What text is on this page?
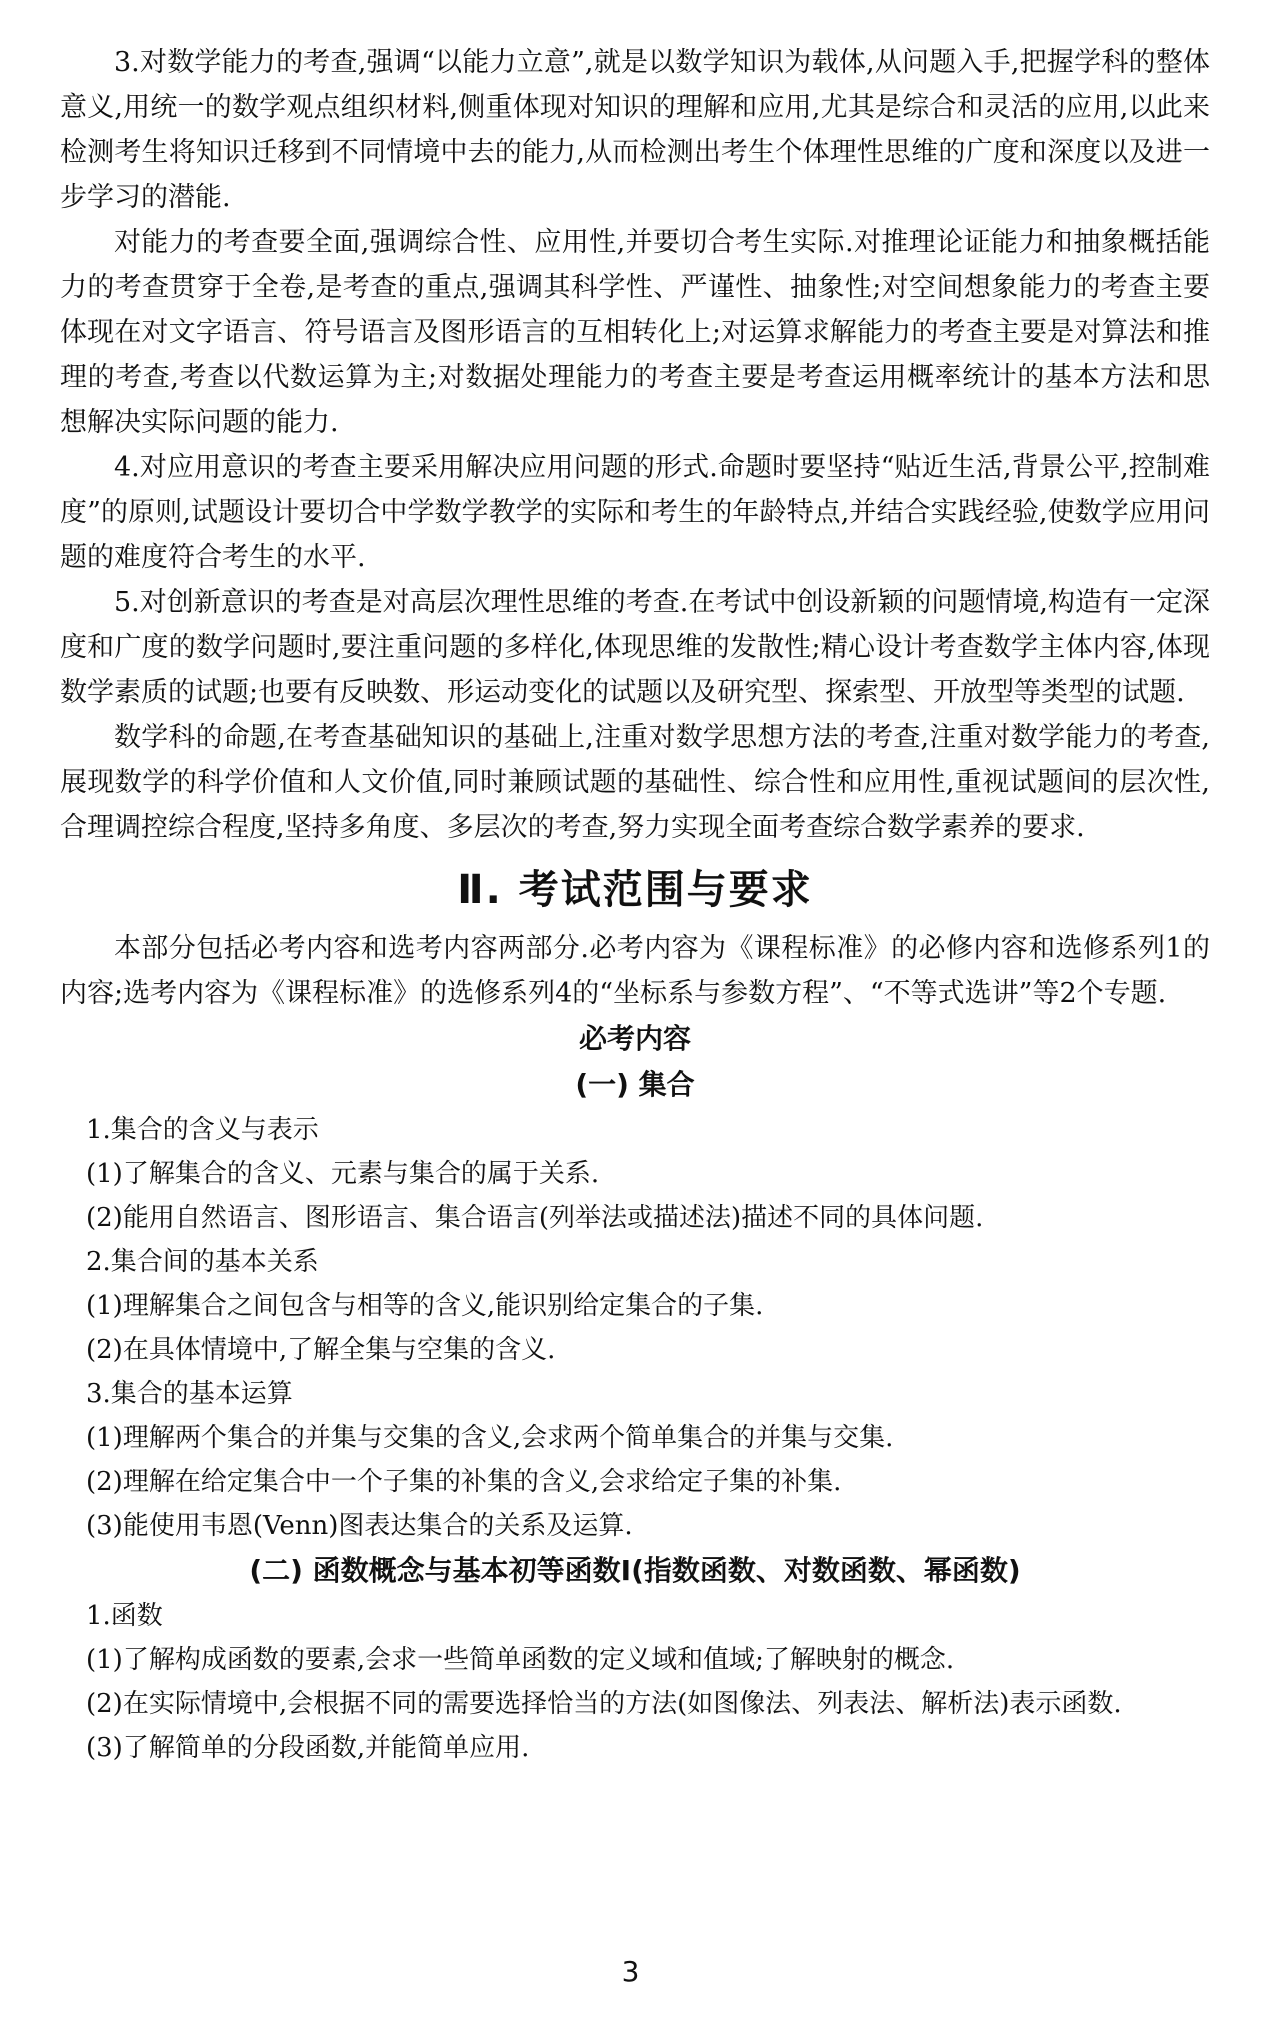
3.对数学能力的考查,强调“以能力立意”,就是以数学知识为载体,从问题入手,把握学科的整体意义,用统一的数学观点组织材料,侧重体现对知识的理解和应用,尤其是综合和灵活的应用,以此来检测考生将知识迁移到不同情境中去的能力,从而检测出考生个体理性思维的广度和深度以及进一步学习的潜能.

对能力的考查要全面,强调综合性、应用性,并要切合考生实际.对推理论证能力和抽象概括能力的考查贯穿于全卷,是考查的重点,强调其科学性、严谨性、抽象性;对空间想象能力的考查主要体现在对文字语言、符号语言及图形语言的互相转化上;对运算求解能力的考查主要是对算法和推理的考查,考查以代数运算为主;对数据处理能力的考查主要是考查运用概率统计的基本方法和思想解决实际问题的能力.

4.对应用意识的考查主要采用解决应用问题的形式.命题时要坚持“贴近生活,背景公平,控制难度”的原则,试题设计要切合中学数学教学的实际和考生的年龄特点,并结合实践经验,使数学应用问题的难度符合考生的水平.

5.对创新意识的考查是对高层次理性思维的考查.在考试中创设新颖的问题情境,构造有一定深度和广度的数学问题时,要注重问题的多样化,体现思维的发散性;精心设计考查数学主体内容,体现数学素质的试题;也要有反映数、形运动变化的试题以及研究型、探索型、开放型等类型的试题.

数学科的命题,在考查基础知识的基础上,注重对数学思想方法的考查,注重对数学能力的考查,展现数学的科学价值和人文价值,同时兼顾试题的基础性、综合性和应用性,重视试题间的层次性,合理调控综合程度,坚持多角度、多层次的考查,努力实现全面考查综合数学素养的要求.

Ⅱ. 考试范围与要求

本部分包括必考内容和选考内容两部分.必考内容为《课程标准》的必修内容和选修系列1的内容;选考内容为《课程标准》的选修系列4的“坐标系与参数方程”、“不等式选讲”等2个专题.

必考内容
(一) 集合

1.集合的含义与表示

(1)了解集合的含义、元素与集合的属于关系.

(2)能用自然语言、图形语言、集合语言(列举法或描述法)描述不同的具体问题.

2.集合间的基本关系

(1)理解集合之间包含与相等的含义,能识别给定集合的子集.

(2)在具体情境中,了解全集与空集的含义.

3.集合的基本运算

(1)理解两个集合的并集与交集的含义,会求两个简单集合的并集与交集.

(2)理解在给定集合中一个子集的补集的含义,会求给定子集的补集.

(3)能使用韦恩(Venn)图表达集合的关系及运算.

(二) 函数概念与基本初等函数Ⅰ(指数函数、对数函数、幂函数)

1.函数

(1)了解构成函数的要素,会求一些简单函数的定义域和值域;了解映射的概念.

(2)在实际情境中,会根据不同的需要选择恰当的方法(如图像法、列表法、解析法)表示函数.

(3)了解简单的分段函数,并能简单应用.

3
